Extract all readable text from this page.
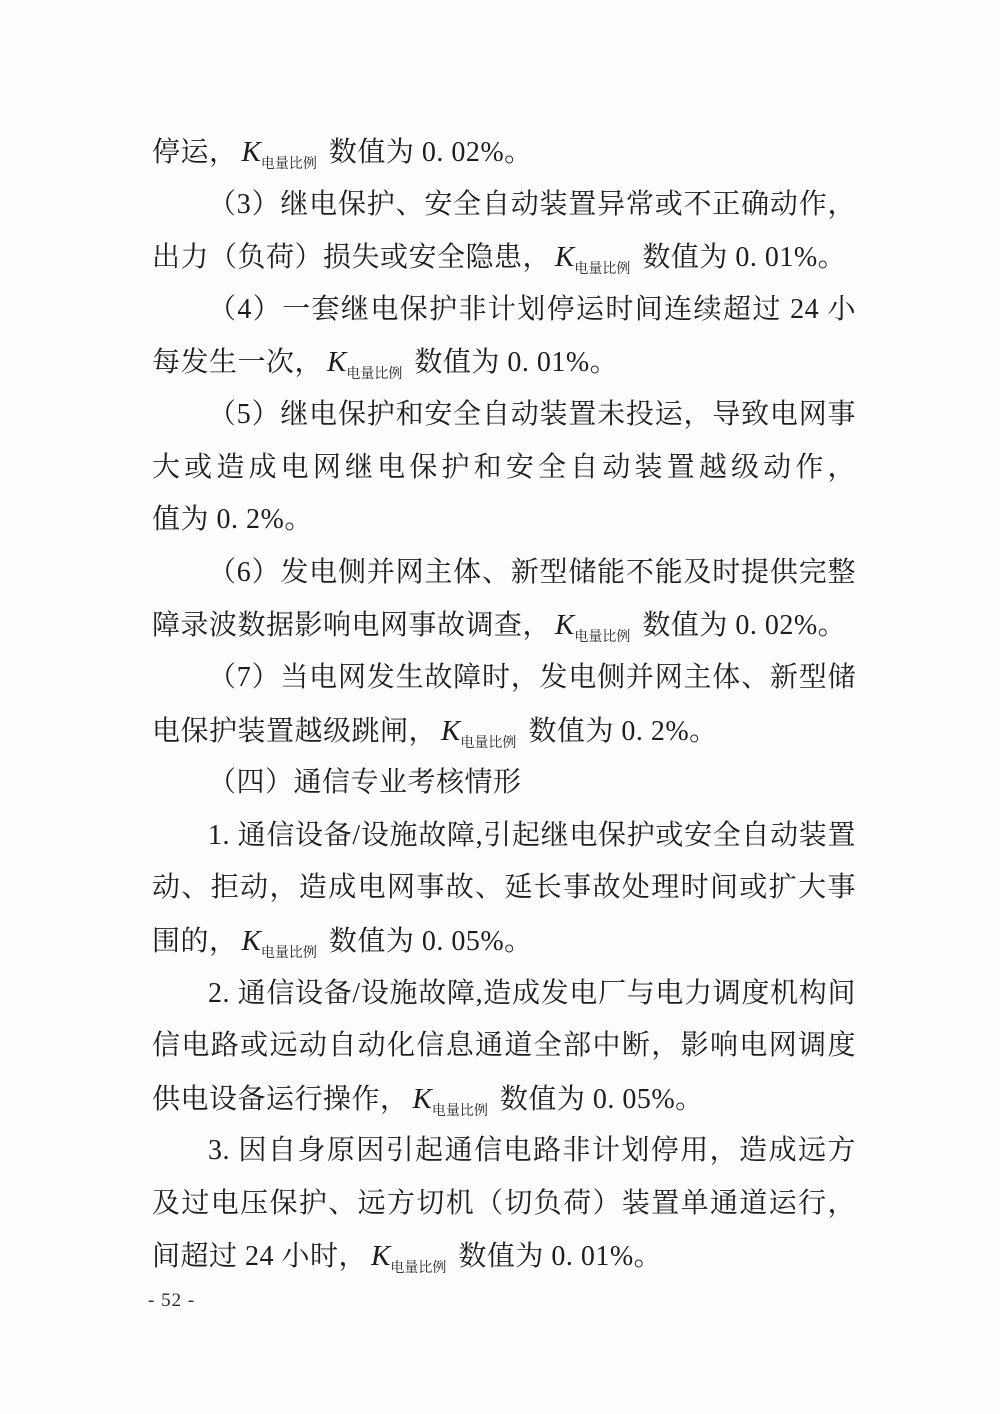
停运， $K_{电量比例}$ 数值为 0. 02%。
（3）继电保护、安全自动装置异常或不正确动作，
出力（负荷）损失或安全隐患， $K_{电量比例}$ 数值为 0. 01%。
（4）一套继电保护非计划停运时间连续超过 24 小
每发生一次， $K_{电量比例}$ 数值为 0. 01%。
（5）继电保护和安全自动装置未投运，导致电网事
大或造成电网继电保护和安全自动装置越级动作，
值为 0. 2%。
（6）发电侧并网主体、新型储能不能及时提供完整
障录波数据影响电网事故调查， $K_{电量比例}$ 数值为 0. 02%。
（7）当电网发生故障时，发电侧并网主体、新型储
电保护装置越级跳闸， $K_{电量比例}$ 数值为 0. 2%。
（四）通信专业考核情形
1. 通信设备/设施故障,引起继电保护或安全自动装置
动、拒动，造成电网事故、延长事故处理时间或扩大事
围的， $K_{电量比例}$ 数值为 0. 05%。
2. 通信设备/设施故障,造成发电厂与电力调度机构间
信电路或远动自动化信息通道全部中断，影响电网调度
供电设备运行操作， $K_{电量比例}$ 数值为 0. 05%。
3. 因自身原因引起通信电路非计划停用，造成远方
及过电压保护、远方切机（切负荷）装置单通道运行，
间超过 24 小时， $K_{电量比例}$ 数值为 0. 01%。
- 52 -
